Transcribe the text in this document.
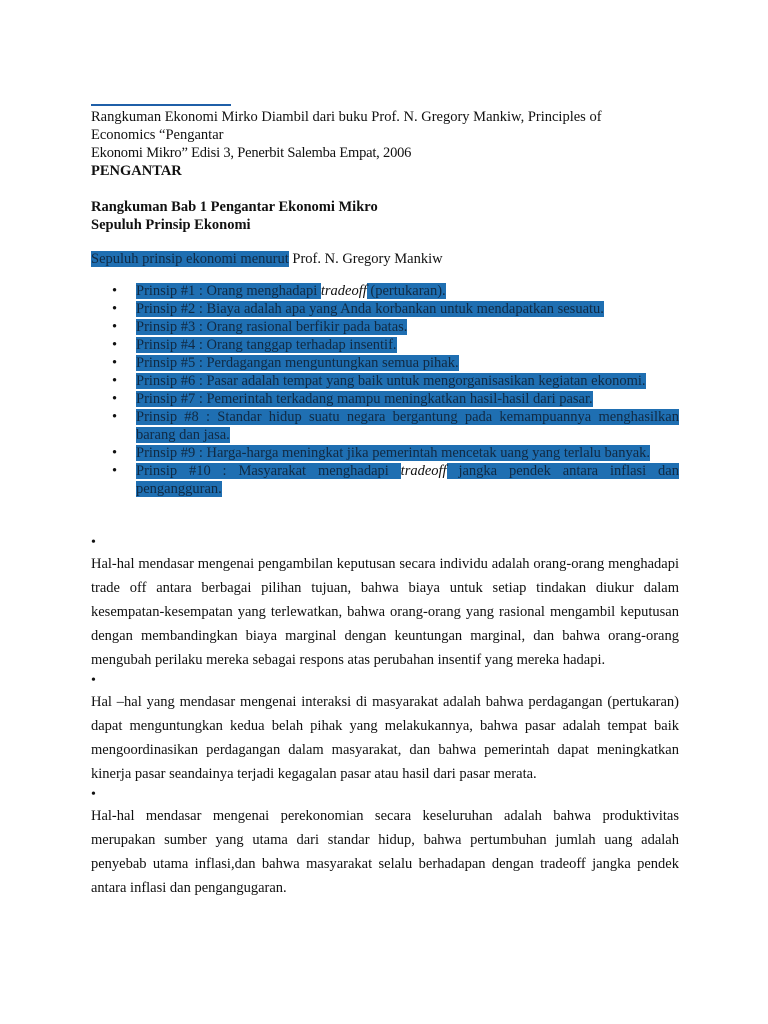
Rangkuman Ekonomi Mirko Diambil dari buku Prof. N. Gregory Mankiw, Principles of

Economics “Pengantar

Ekonomi Mikro” Edisi 3, Penerbit Salemba Empat, 2006

PENGANTAR

Rangkuman Bab 1 Pengantar Ekonomi Mikro

Sepuluh Prinsip Ekonomi

Sepuluh prinsip ekonomi menurut Prof. N. Gregory Mankiw

• Prinsip #1 : Orang menghadapi tradeoff (pertukaran).
• Prinsip #2 : Biaya adalah apa yang Anda korbankan untuk mendapatkan sesuatu.
• Prinsip #3 : Orang rasional berfikir pada batas.
• Prinsip #4 : Orang tanggap terhadap insentif.
• Prinsip #5 : Perdagangan menguntungkan semua pihak.
• Prinsip #6 : Pasar adalah tempat yang baik untuk mengorganisasikan kegiatan ekonomi.
• Prinsip #7 : Pemerintah terkadang mampu meningkatkan hasil-hasil dari pasar.
• Prinsip #8 : Standar hidup suatu negara bergantung pada kemampuannya menghasilkan barang dan jasa.
• Prinsip #9 : Harga-harga meningkat jika pemerintah mencetak uang yang terlalu banyak.
• Prinsip #10 : Masyarakat menghadapi tradeoff jangka pendek antara inflasi dan pengangguran.

•

Hal-hal mendasar mengenai pengambilan keputusan secara individu adalah orang-orang menghadapi trade off antara berbagai pilihan tujuan, bahwa biaya untuk setiap tindakan diukur dalam kesempatan-kesempatan yang terlewatkan, bahwa orang-orang yang rasional mengambil keputusan dengan membandingkan biaya marginal dengan keuntungan marginal, dan bahwa orang-orang mengubah perilaku mereka sebagai respons atas perubahan insentif yang mereka hadapi.

•

Hal –hal yang mendasar mengenai interaksi di masyarakat adalah bahwa perdagangan (pertukaran) dapat menguntungkan kedua belah pihak yang melakukannya, bahwa pasar adalah tempat baik mengoordinasikan perdagangan dalam masyarakat, dan bahwa pemerintah dapat meningkatkan kinerja pasar seandainya terjadi kegagalan pasar atau hasil dari pasar merata.

•

Hal-hal mendasar mengenai perekonomian secara keseluruhan adalah bahwa produktivitas merupakan sumber yang utama dari standar hidup, bahwa pertumbuhan jumlah uang adalah penyebab utama inflasi,dan bahwa masyarakat selalu berhadapan dengan tradeoff jangka pendek antara inflasi dan pengangugaran.
